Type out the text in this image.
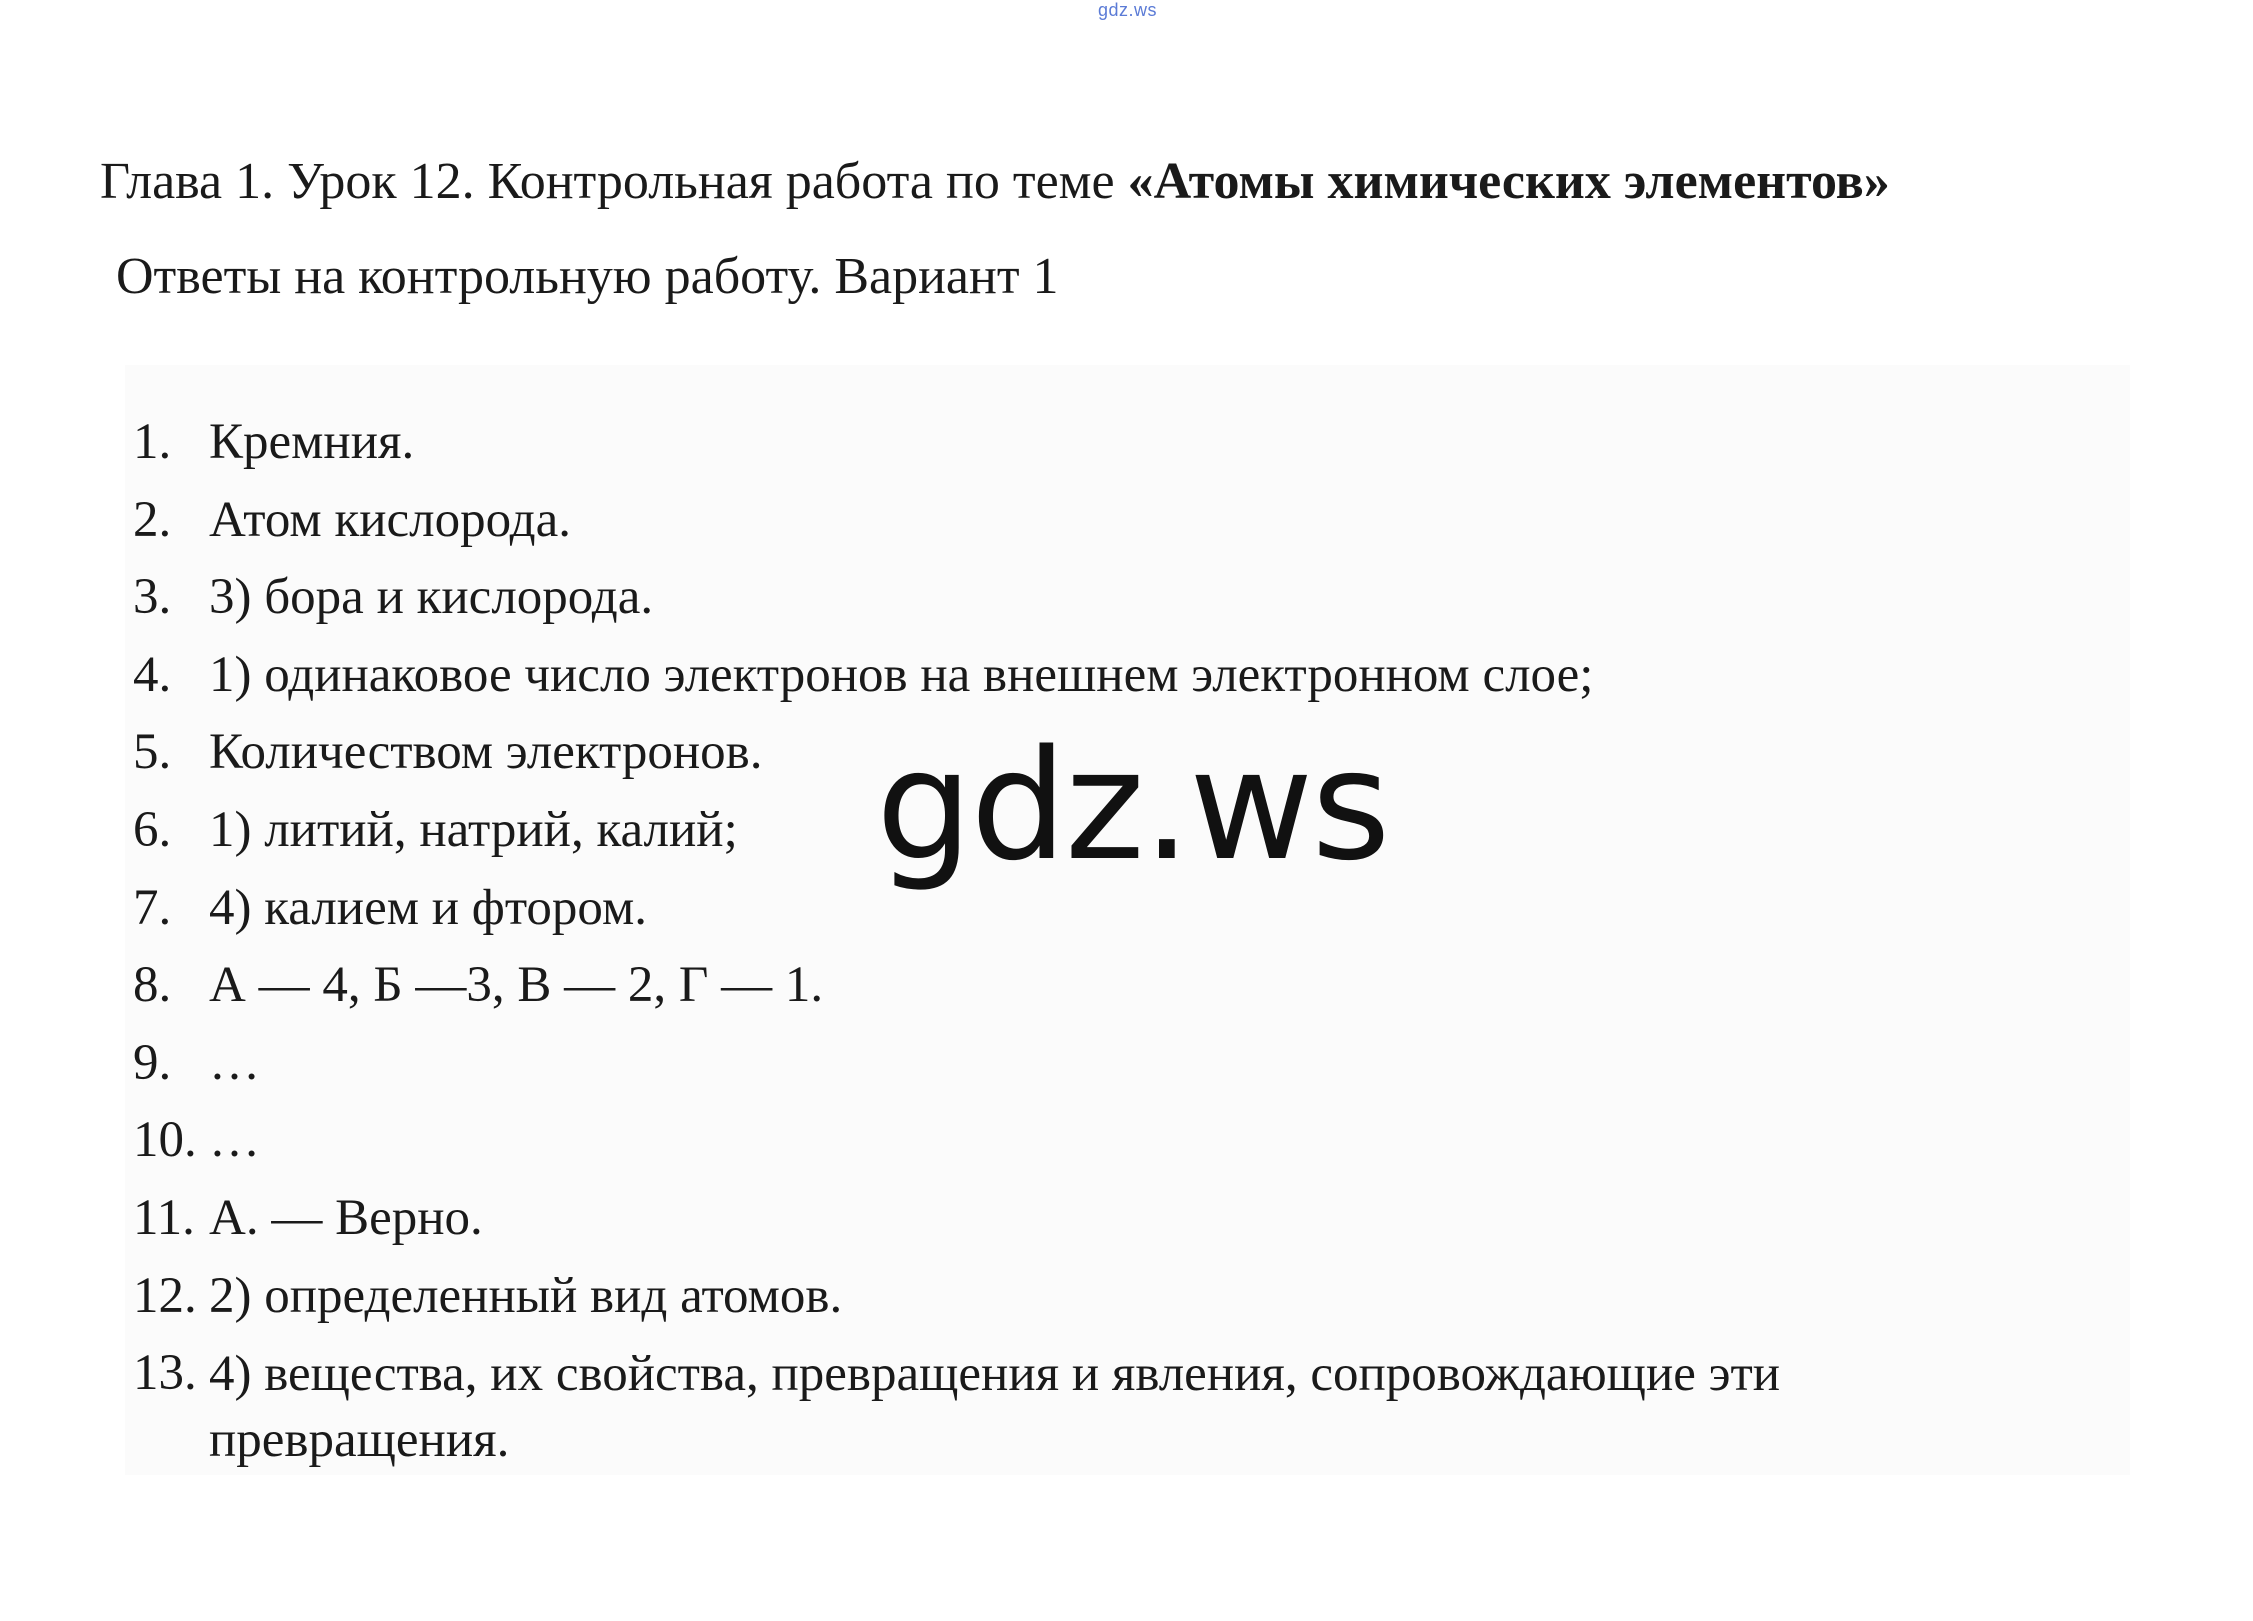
gdz.ws
Глава 1. Урок 12. Контрольная работа по теме «Атомы химических элементов»
Ответы на контрольную работу. Вариант 1
1. Кремния.
2. Атом кислорода.
3. 3) бора и кислорода.
4. 1) одинаковое число электронов на внешнем электронном слое;
5. Количеством электронов.
6. 1) литий, натрий, калий;
7. 4) калием и фтором.
8. А — 4, Б —3, В — 2, Г — 1.
9. …
10. …
11. А. — Верно.
12. 2) определенный вид атомов.
13. 4) вещества, их свойства, превращения и явления, сопровождающие эти
превращения.
gdz.ws
